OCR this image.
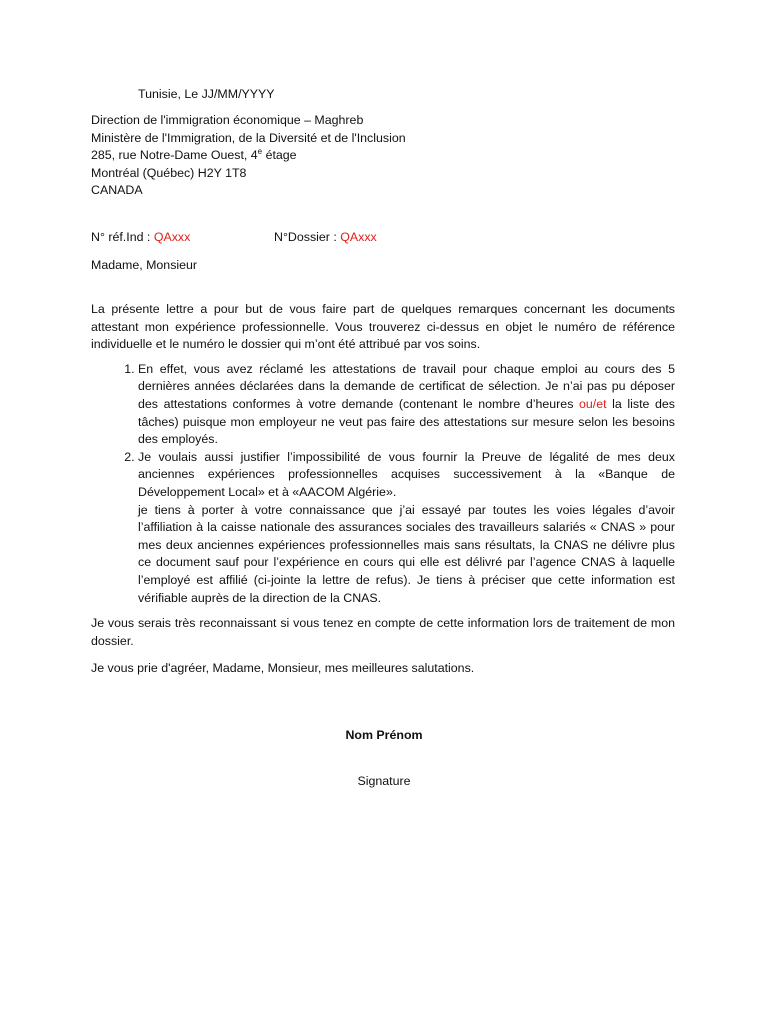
Tunisie, Le JJ/MM/YYYY
Direction de l'immigration économique – Maghreb
Ministère de l'Immigration, de la Diversité et de l'Inclusion
285, rue Notre-Dame Ouest, 4e étage
Montréal (Québec) H2Y 1T8
CANADA
N° réf.Ind : QAxxx	N°Dossier : QAxxx
Madame, Monsieur

La présente lettre a pour but de vous faire part de quelques remarques concernant les documents attestant mon expérience professionnelle. Vous trouverez ci-dessus en objet le numéro de référence individuelle et le numéro le dossier qui m’ont été attribué par vos soins.

1. En effet, vous avez réclamé les attestations de travail pour chaque emploi au cours des 5 dernières années déclarées dans la demande de certificat de sélection. Je n’ai pas pu déposer des attestations conformes à votre demande (contenant le nombre d’heures ou/et la liste des tâches) puisque mon employeur ne veut pas faire des attestations sur mesure selon les besoins des employés.
2. Je voulais aussi justifier l’impossibilité de vous fournir la Preuve de légalité de mes deux anciennes expériences professionnelles acquises successivement à la «Banque de Développement Local» et à «AACOM Algérie».
je tiens à porter à votre connaissance que j’ai essayé par toutes les voies légales d’avoir l’affiliation à la caisse nationale des assurances sociales des travailleurs salariés « CNAS » pour mes deux anciennes expériences professionnelles mais sans résultats, la CNAS ne délivre plus ce document sauf pour l’expérience en cours qui elle est délivré par l’agence CNAS à laquelle l’employé est affilié (ci-jointe la lettre de refus). Je tiens à préciser que cette information est vérifiable auprès de la direction de la CNAS.

Je vous serais très reconnaissant si vous tenez en compte de cette information lors de traitement de mon dossier.

Je vous prie d'agréer, Madame, Monsieur, mes meilleures salutations.

Nom Prénom
Signature
